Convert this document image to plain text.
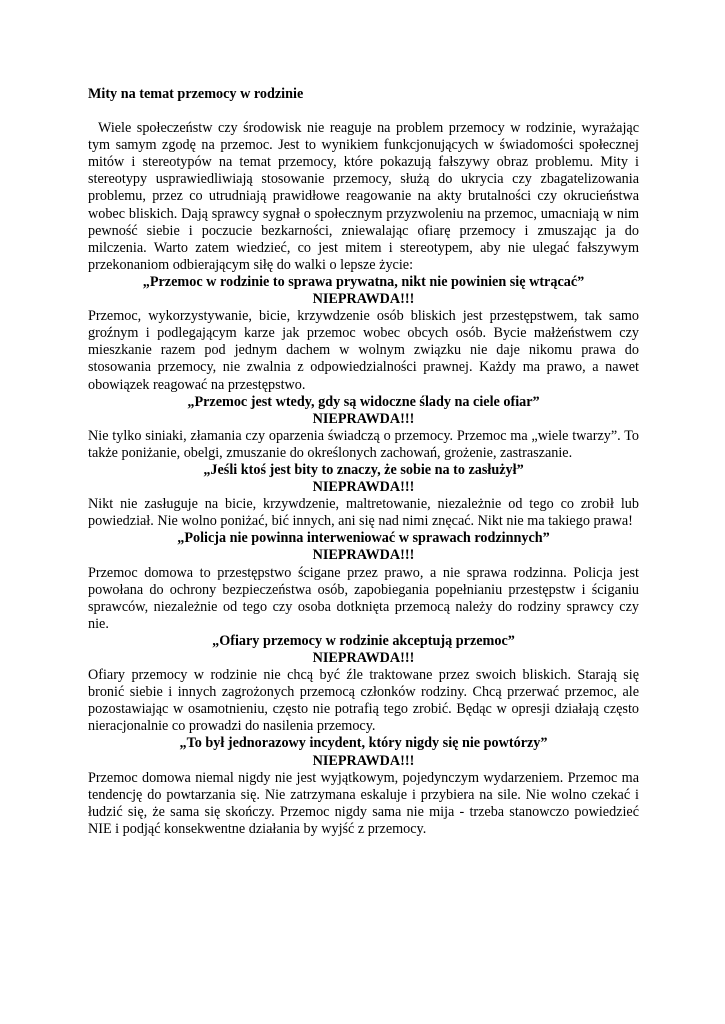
Mity na temat przemocy w rodzinie

Wiele społeczeństw czy środowisk nie reaguje na problem przemocy w rodzinie, wyrażając tym samym zgodę na przemoc. Jest to wynikiem funkcjonujących w świadomości społecznej mitów i stereotypów na temat przemocy, które pokazują fałszywy obraz problemu. Mity i stereotypy usprawiedliwiają stosowanie przemocy, służą do ukrycia czy zbagatelizowania problemu, przez co utrudniają prawidłowe reagowanie na akty brutalności czy okrucieństwa wobec bliskich. Dają sprawcy sygnał o społecznym przyzwoleniu na przemoc, umacniają w nim pewność siebie i poczucie bezkarności, zniewalając ofiarę przemocy i zmuszając ja do milczenia. Warto zatem wiedzieć, co jest mitem i stereotypem, aby nie ulegać fałszywym przekonaniom odbierającym siłę do walki o lepsze życie:

„Przemoc w rodzinie to sprawa prywatna, nikt nie powinien się wtrącać”

NIEPRAWDA!!!

Przemoc, wykorzystywanie, bicie, krzywdzenie osób bliskich jest przestępstwem, tak samo groźnym i podlegającym karze jak przemoc wobec obcych osób. Bycie małżeństwem czy mieszkanie razem pod jednym dachem w wolnym związku nie daje nikomu prawa do stosowania przemocy, nie zwalnia z odpowiedzialności prawnej. Każdy ma prawo, a nawet obowiązek reagować na przestępstwo.

„Przemoc jest wtedy, gdy są widoczne ślady na ciele ofiar”

NIEPRAWDA!!!

Nie tylko siniaki, złamania czy oparzenia świadczą o przemocy. Przemoc ma „wiele twarzy”. To także poniżanie, obelgi, zmuszanie do określonych zachowań, grożenie, zastraszanie.

„Jeśli ktoś jest bity to znaczy, że sobie na to zasłużył”

NIEPRAWDA!!!

Nikt nie zasługuje na bicie, krzywdzenie, maltretowanie, niezależnie od tego co zrobił lub powiedział. Nie wolno poniżać, bić innych, ani się nad nimi znęcać. Nikt nie ma takiego prawa!

„Policja nie powinna interweniować w sprawach rodzinnych”

NIEPRAWDA!!!

Przemoc domowa to przestępstwo ścigane przez prawo, a nie sprawa rodzinna. Policja jest powołana do ochrony bezpieczeństwa osób, zapobiegania popełnianiu przestępstw i ściganiu sprawców, niezależnie od tego czy osoba dotknięta przemocą należy do rodziny sprawcy czy nie.

„Ofiary przemocy w rodzinie akceptują przemoc”

NIEPRAWDA!!!

Ofiary przemocy w rodzinie nie chcą być źle traktowane przez swoich bliskich. Starają się bronić siebie i innych zagrożonych przemocą członków rodziny. Chcą przerwać przemoc, ale pozostawiając w osamotnieniu, często nie potrafią tego zrobić. Będąc w opresji działają często nieracjonalnie co prowadzi do nasilenia przemocy.

„To był jednorazowy incydent, który nigdy się nie powtórzy”

NIEPRAWDA!!!

Przemoc domowa niemal nigdy nie jest wyjątkowym, pojedynczym wydarzeniem. Przemoc ma tendencję do powtarzania się. Nie zatrzymana eskaluje i przybiera na sile. Nie wolno czekać i łudzić się, że sama się skończy. Przemoc nigdy sama nie mija - trzeba stanowczo powiedzieć NIE i podjąć konsekwentne działania by wyjść z przemocy.
